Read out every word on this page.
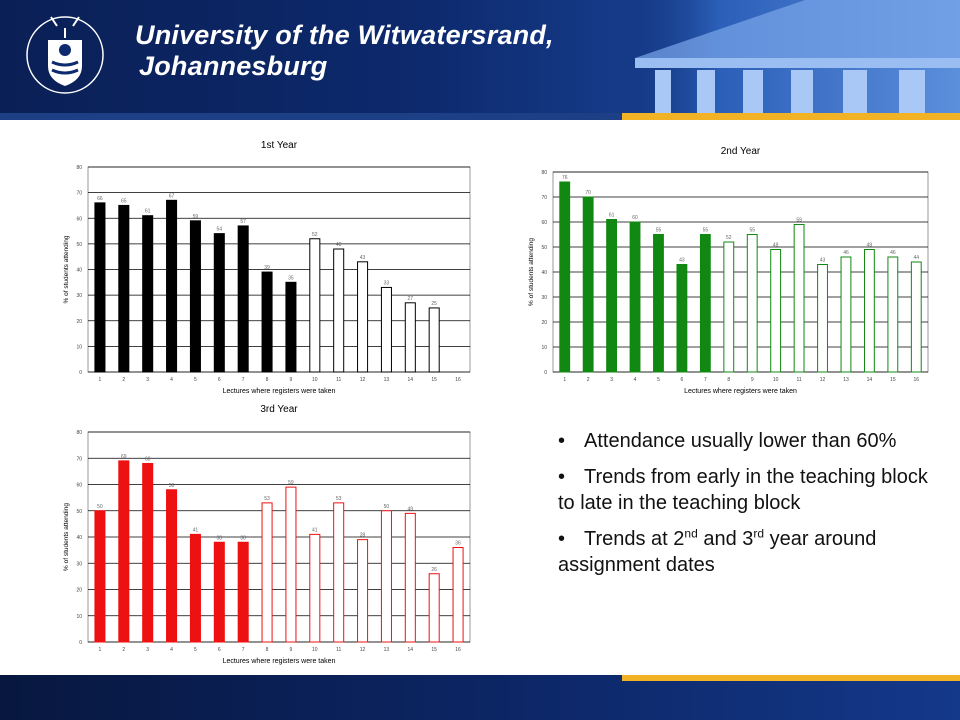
University of the Witwatersrand,
Johannesburg
0
10
20
30
40
50
60
70
80
66	65
61
67
59
54
57
39
35
52
48
43
33
27
25
1	2	3	4	5	6	7	8	9	10	11	12	13	14	15	16
1st Year
Lectures where registers were taken
% of students attending
0
10
20
30
40
50
60
70
80
76
70
61	60
55
43
55
52
55
49
59
43
46
49
46
44
1	2	3	4	5	6	7	8	9	10	11	12	13	14	15	16
2nd Year
Lectures where registers were taken
% of students attending
0
10
20
30
40
50
60
70
80
50
69	68
58
41
38	38
53
59
41
53
39
50	49
26
36
1	2	3	4	5	6	7	8	9	10	11	12	13	14	15	16
3rd Year
Lectures where registers were taken
% of students attending

• Attendance usually lower than 60%

• Trends from early in the teaching block to late in the teaching block

• Trends at 2nd and 3rd year around assignment dates
